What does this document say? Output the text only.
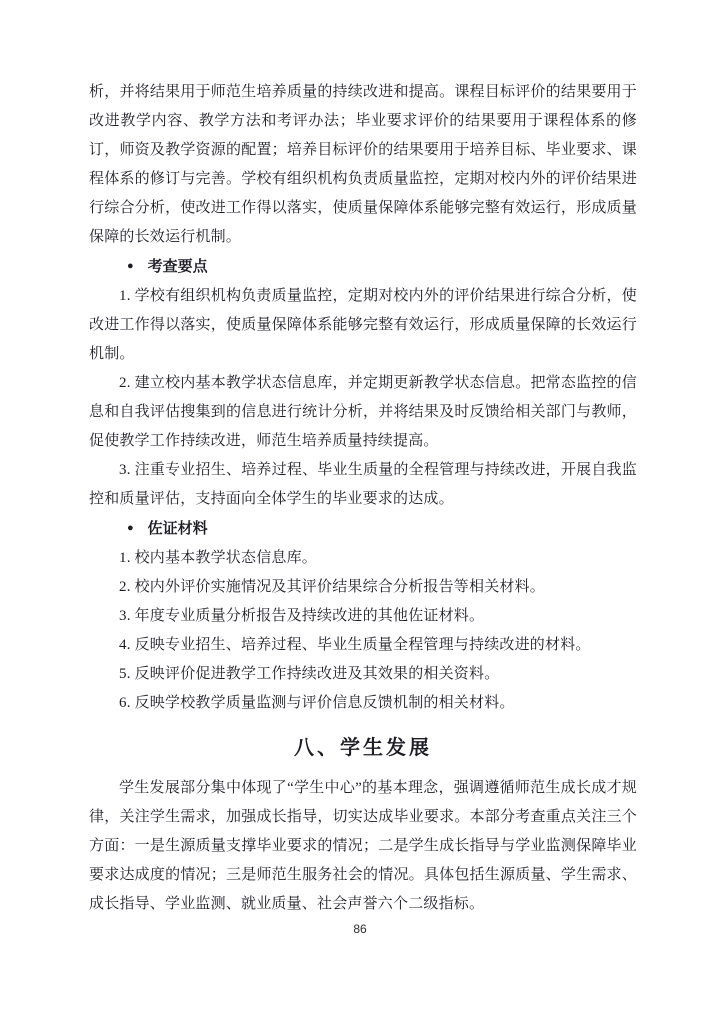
析，并将结果用于师范生培养质量的持续改进和提高。课程目标评价的结果要用于改进教学内容、教学方法和考评办法；毕业要求评价的结果要用于课程体系的修订，师资及教学资源的配置；培养目标评价的结果要用于培养目标、毕业要求、课程体系的修订与完善。学校有组织机构负责质量监控，定期对校内外的评价结果进行综合分析，使改进工作得以落实，使质量保障体系能够完整有效运行，形成质量保障的长效运行机制。

● 考查要点

1. 学校有组织机构负责质量监控，定期对校内外的评价结果进行综合分析，使改进工作得以落实，使质量保障体系能够完整有效运行，形成质量保障的长效运行机制。

2. 建立校内基本教学状态信息库，并定期更新教学状态信息。把常态监控的信息和自我评估搜集到的信息进行统计分析，并将结果及时反馈给相关部门与教师，促使教学工作持续改进，师范生培养质量持续提高。

3. 注重专业招生、培养过程、毕业生质量的全程管理与持续改进，开展自我监控和质量评估，支持面向全体学生的毕业要求的达成。

● 佐证材料

1. 校内基本教学状态信息库。

2. 校内外评价实施情况及其评价结果综合分析报告等相关材料。

3. 年度专业质量分析报告及持续改进的其他佐证材料。

4. 反映专业招生、培养过程、毕业生质量全程管理与持续改进的材料。

5. 反映评价促进教学工作持续改进及其效果的相关资料。

6. 反映学校教学质量监测与评价信息反馈机制的相关材料。

八、学生发展

学生发展部分集中体现了“学生中心”的基本理念，强调遵循师范生成长成才规律，关注学生需求，加强成长指导，切实达成毕业要求。本部分考查重点关注三个方面：一是生源质量支撑毕业要求的情况；二是学生成长指导与学业监测保障毕业要求达成度的情况；三是师范生服务社会的情况。具体包括生源质量、学生需求、成长指导、学业监测、就业质量、社会声誉六个二级指标。

86
